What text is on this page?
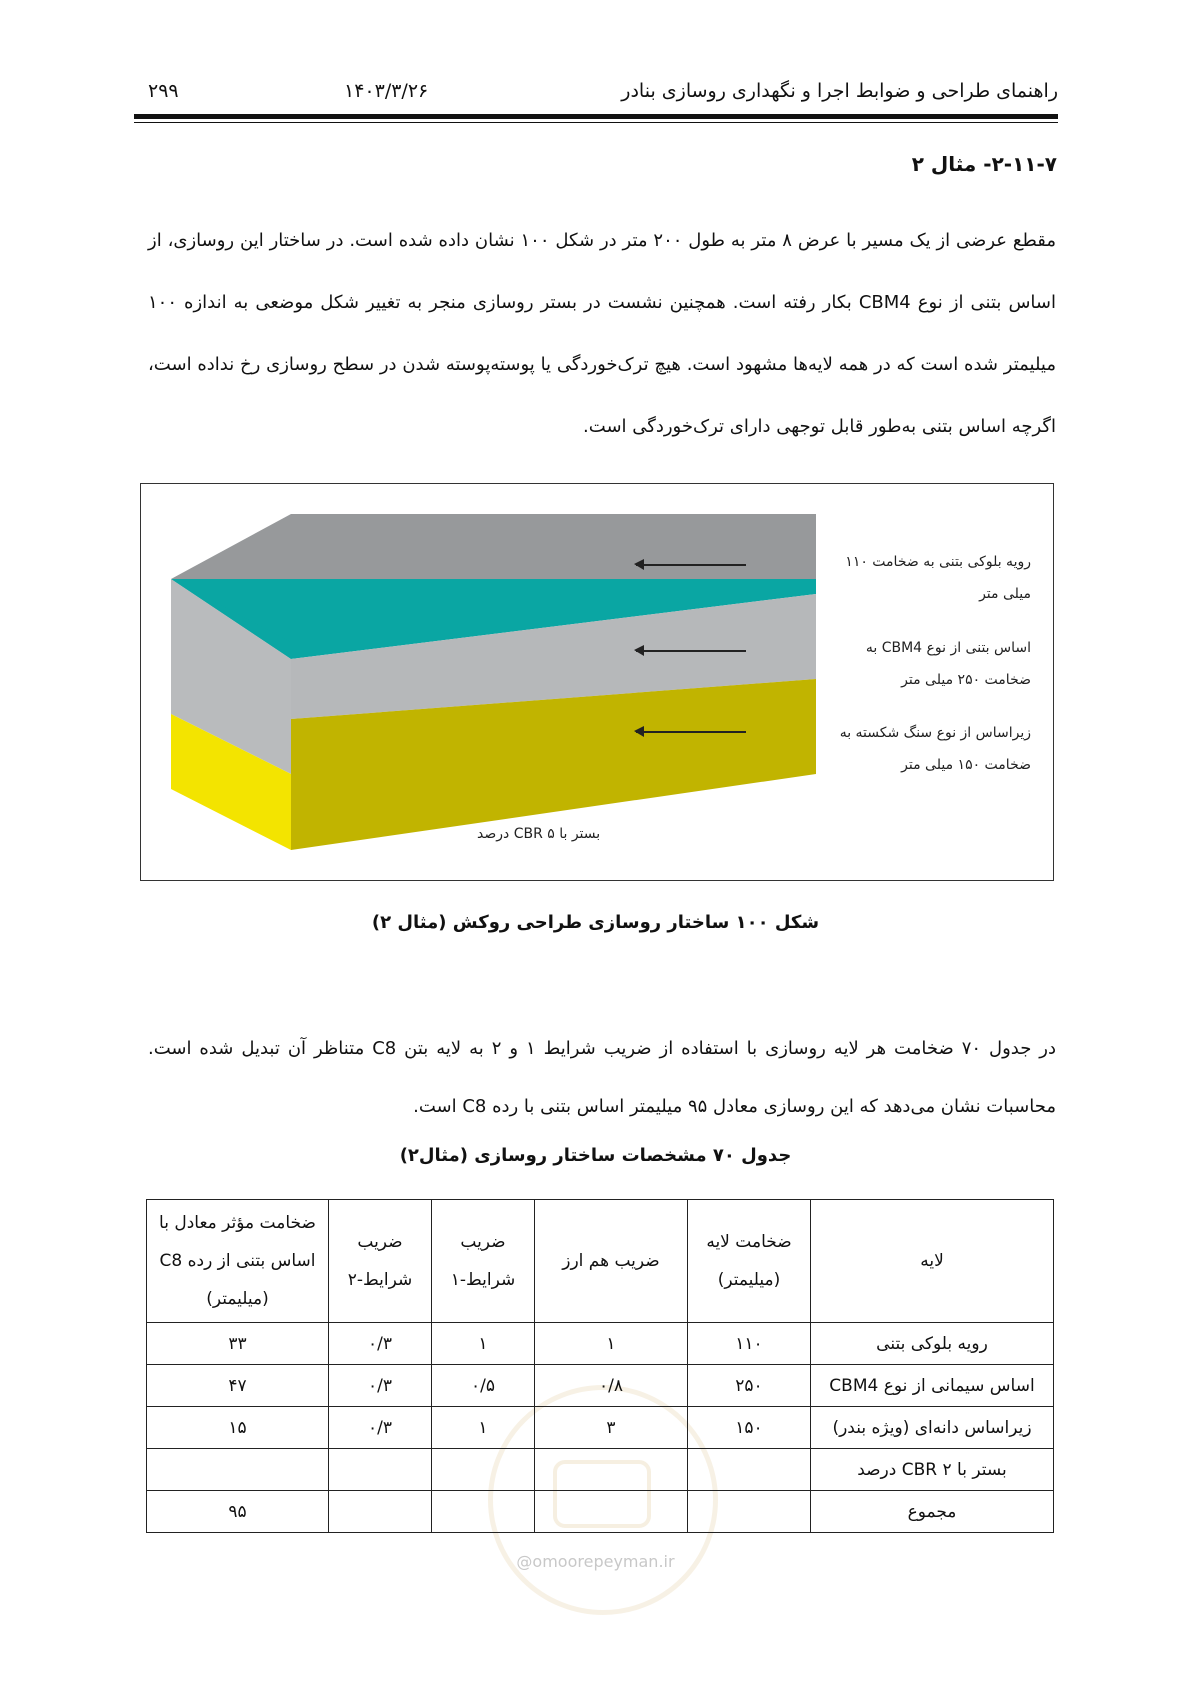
راهنمای طراحی و ضوابط اجرا و نگهداری روسازی بنادر
۱۴۰۳/۳/۲۶
۲۹۹
۲-۱۱-۷- مثال ۲
مقطع عرضی از یک مسیر با عرض ۸ متر به طول ۲۰۰ متر در شکل ۱۰۰ نشان داده شده است. در ساختار این روسازی، از اساس بتنی از نوع CBM4 بکار رفته است. همچنین نشست در بستر روسازی منجر به تغییر شکل موضعی به اندازه ۱۰۰ میلیمتر شده است که در همه لایه‌ها مشهود است. هیچ ترک‌خوردگی یا پوسته‌پوسته شدن در سطح روسازی رخ نداده است، اگرچه اساس بتنی به‌طور قابل توجهی دارای ترک‌خوردگی است.
رویه بلوکی بتنی به ضخامت ۱۱۰ میلی متر
اساس بتنی از نوع CBM4 به ضخامت ۲۵۰ میلی متر
زیراساس از نوع سنگ شکسته به ضخامت ۱۵۰ میلی متر
بستر با CBR ۵ درصد
شکل ۱۰۰ ساختار روسازی طراحی روکش (مثال ۲)
در جدول ۷۰ ضخامت هر لایه روسازی با استفاده از ضریب شرایط ۱ و ۲ به لایه بتن C8 متناظر آن تبدیل شده است. محاسبات نشان می‌دهد که این روسازی معادل ۹۵ میلیمتر اساس بتنی با رده C8 است.
جدول ۷۰ مشخصات ساختار روسازی (مثال۲)
لایه	ضخامت لایه (میلیمتر)	ضریب هم ارز	ضریب شرایط-۱	ضریب شرایط-۲	ضخامت مؤثر معادل با اساس بتنی از رده C8 (میلیمتر)
رویه بلوکی بتنی	۱۱۰	۱	۱	۰/۳	۳۳
اساس سیمانی از نوع CBM4	۲۵۰	۰/۸	۰/۵	۰/۳	۴۷
زیراساس دانه‌ای (ویژه بندر)	۱۵۰	۳	۱	۰/۳	۱۵
بستر با CBR ۲ درصد					
مجموع					۹۵
@omoorepeyman.ir
